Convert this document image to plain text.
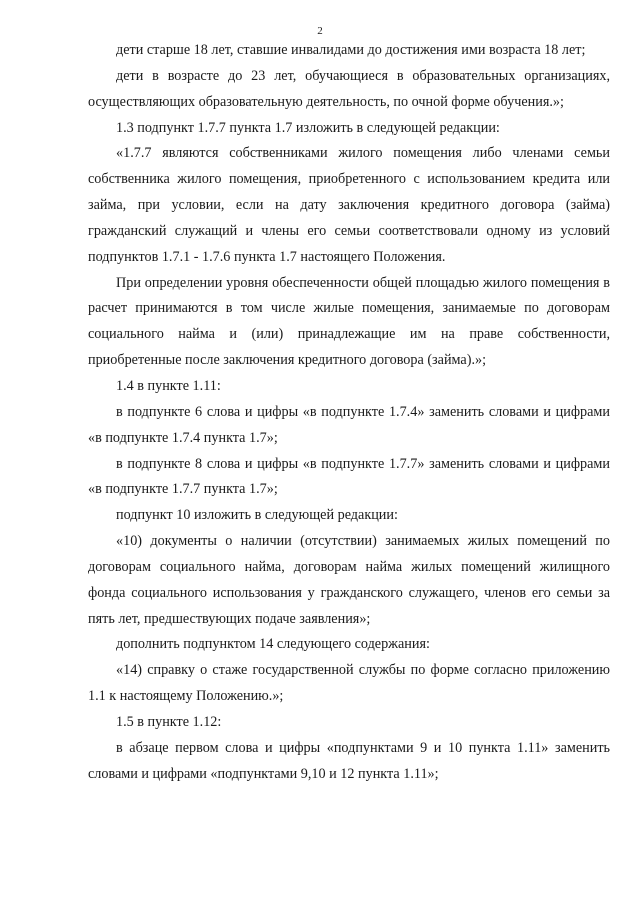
2

дети старше 18 лет, ставшие инвалидами до достижения ими возраста 18 лет;

дети в возрасте до 23 лет, обучающиеся в образовательных организациях, осуществляющих образовательную деятельность, по очной форме обучения.»;

1.3 подпункт 1.7.7 пункта 1.7 изложить в следующей редакции:

«1.7.7 являются собственниками жилого помещения либо членами семьи собственника жилого помещения, приобретенного с использованием кредита или займа, при условии, если на дату заключения кредитного договора (займа) гражданский служащий и члены его семьи соответствовали одному из условий подпунктов 1.7.1 - 1.7.6 пункта 1.7 настоящего Положения.

При определении уровня обеспеченности общей площадью жилого помещения в расчет принимаются в том числе жилые помещения, занимаемые по договорам социального найма и (или) принадлежащие им на праве собственности, приобретенные после заключения кредитного договора (займа).»;

1.4 в пункте 1.11:

в подпункте 6 слова и цифры «в подпункте 1.7.4» заменить словами и цифрами «в подпункте 1.7.4 пункта 1.7»;

в подпункте 8 слова и цифры «в подпункте 1.7.7» заменить словами и цифрами «в подпункте 1.7.7 пункта 1.7»;

подпункт 10 изложить в следующей редакции:

«10) документы о наличии (отсутствии) занимаемых жилых помещений по договорам социального найма, договорам найма жилых помещений жилищного фонда социального использования у гражданского служащего, членов его семьи за пять лет, предшествующих подаче заявления»;

дополнить подпунктом 14 следующего содержания:

«14) справку о стаже государственной службы по форме согласно приложению 1.1 к настоящему Положению.»;

1.5 в пункте 1.12:

в абзаце первом слова и цифры «подпунктами 9 и 10 пункта 1.11» заменить словами и цифрами «подпунктами 9,10 и 12 пункта 1.11»;
